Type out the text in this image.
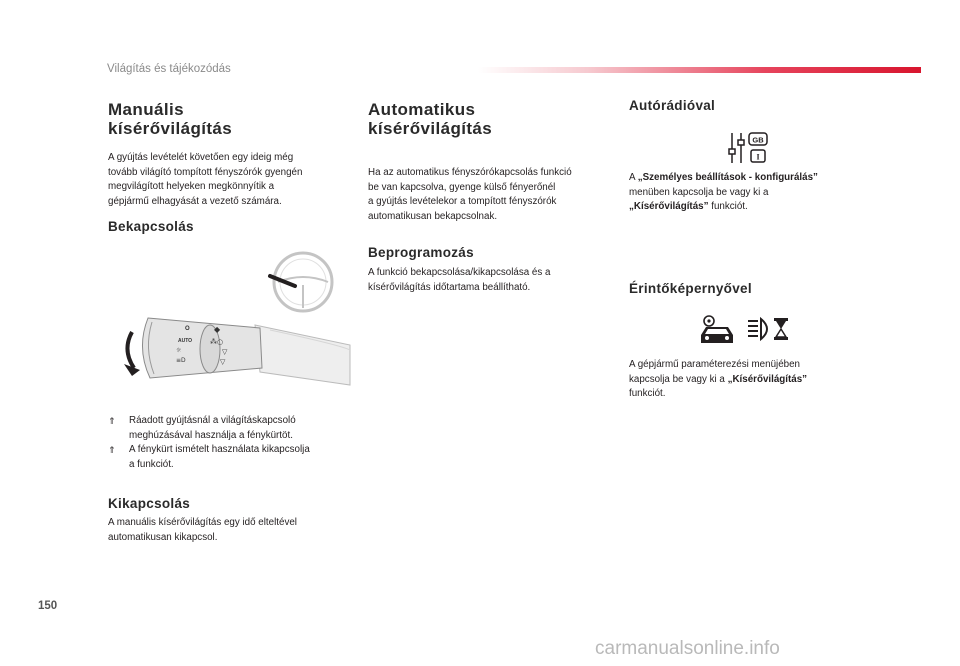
Világítás és tájékozódás
Manuális
kísérővilágítás
A gyújtás levételét követően egy ideig még
tovább világító tompított fényszórók gyengén
megvilágított helyeken megkönnyítik a
gépjármű elhagyását a vezető számára.
Bekapcsolás
O
AUTO
☼
≡D
◆
⁂○
▽
▽
⇑ Ráadott gyújtásnál a világításkapcsoló
meghúzásával használja a fénykürtöt.
⇑ A fénykürt ismételt használata kikapcsolja
a funkciót.
Kikapcsolás
A manuális kísérővilágítás egy idő elteltével
automatikusan kikapcsol.
Automatikus
kísérővilágítás
Ha az automatikus fényszórókapcsolás funkció
be van kapcsolva, gyenge külső fényerőnél
a gyújtás levételekor a tompított fényszórók
automatikusan bekapcsolnak.
Beprogramozás
A funkció bekapcsolása/kikapcsolása és a
kísérővilágítás időtartama beállítható.
Autórádióval
GB
I
A „Személyes beállítások - konfigurálás”
menüben kapcsolja be vagy ki a
„Kísérővilágítás” funkciót.
Érintőképernyővel
A gépjármű paraméterezési menüjében
kapcsolja be vagy ki a „Kísérővilágítás”
funkciót.
150
carmanualsonline.info
